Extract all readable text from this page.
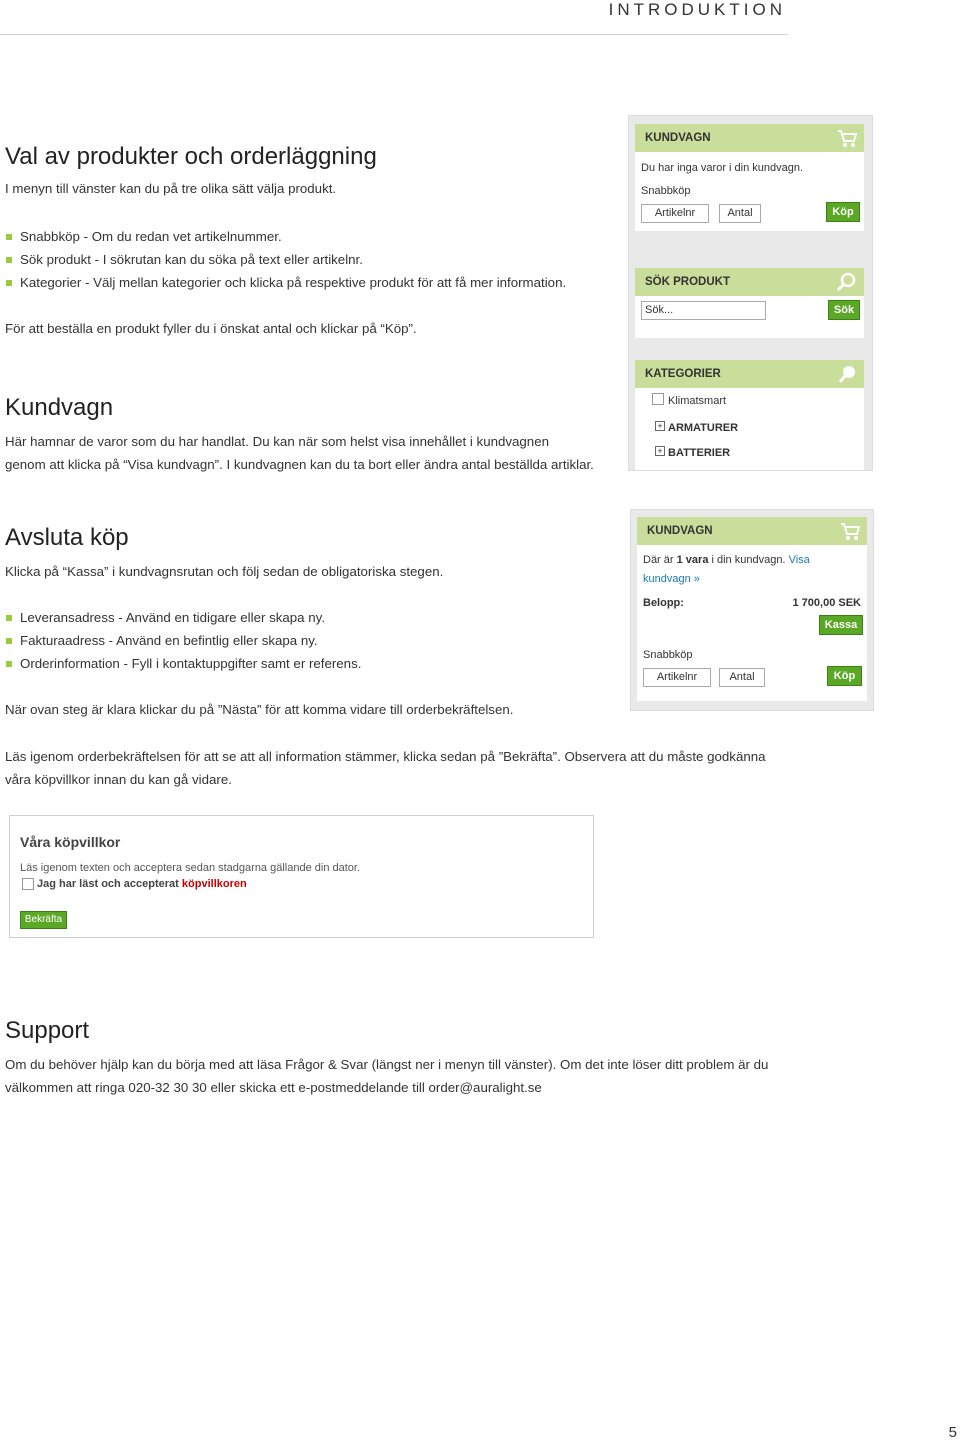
INTRODUKTION
Val av produkter och orderläggning

I menyn till vänster kan du på tre olika sätt välja produkt.

Snabbköp - Om du redan vet artikelnummer.
Sök produkt - I sökrutan kan du söka på text eller artikelnr.
Kategorier - Välj mellan kategorier och klicka på respektive produkt för att få mer information.

För att beställa en produkt fyller du i önskat antal och klickar på “Köp”.

Kundvagn

Här hamnar de varor som du har handlat. Du kan när som helst visa innehållet i kundvagnen

genom att klicka på “Visa kundvagn”. I kundvagnen kan du ta bort eller ändra antal beställda artiklar.

Avsluta köp

Klicka på “Kassa” i kundvagnsrutan och följ sedan de obligatoriska stegen.

Leveransadress - Använd en tidigare eller skapa ny.
Fakturaadress - Använd en befintlig eller skapa ny.
Orderinformation - Fyll i kontaktuppgifter samt er referens.

När ovan steg är klara klickar du på ”Nästa” för att komma vidare till orderbekräftelsen.

Läs igenom orderbekräftelsen för att se att all information stämmer, klicka sedan på ”Bekräfta”. Observera att du måste godkänna

våra köpvillkor innan du kan gå vidare.

Support

Om du behöver hjälp kan du börja med att läsa Frågor & Svar (längst ner i menyn till vänster). Om det inte löser ditt problem är du

välkommen att ringa 020-32 30 30 eller skicka ett e-postmeddelande till order@auralight.se

KUNDVAGN
Du har inga varor i din kundvagn.
Snabbköp
Artikelnr	Antal	Köp
SÖK PRODUKT
Sök...	Sök
KATEGORIER
Klimatsmart
+ ARMATURER
+ BATTERIER
KUNDVAGN
Där är 1 vara i din kundvagn. Visa
kundvagn »
Belopp:	1 700,00 SEK
Kassa
Snabbköp
Artikelnr	Antal	Köp
Våra köpvillkor
Läs igenom texten och acceptera sedan stadgarna gällande din dator.
Jag har läst och accepterat köpvillkoren
Bekräfta
5
